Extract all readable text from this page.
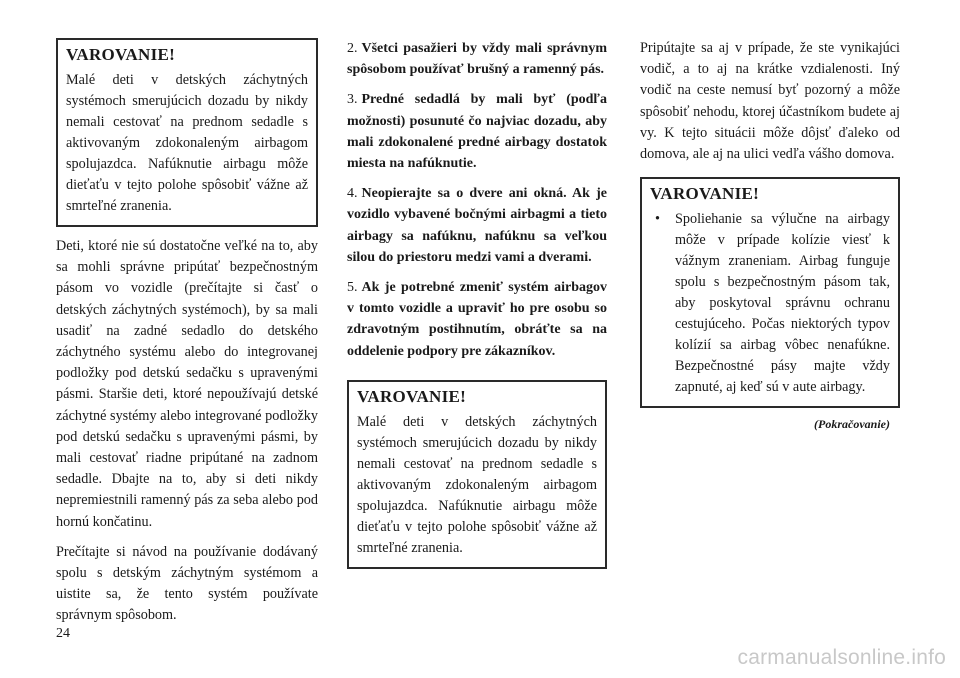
VAROVANIE!
Malé deti v detských záchytných systémoch smerujúcich dozadu by nikdy nemali cestovať na prednom sedadle s aktivovaným zdokonaleným airbagom spolujazdca. Nafúknutie airbagu môže dieťaťu v tejto polohe spôsobiť vážne až smrteľné zranenia.

Deti, ktoré nie sú dostatočne veľké na to, aby sa mohli správne pripútať bezpečnostným pásom vo vozidle (prečítajte si časť o detských záchytných systémoch), by sa mali usadiť na zadné sedadlo do detského záchytného systému alebo do integrovanej podložky pod detskú sedačku s upravenými pásmi. Staršie deti, ktoré nepoužívajú detské záchytné systémy alebo integrované podložky pod detskú sedačku s upravenými pásmi, by mali cestovať riadne pripútané na zadnom sedadle. Dbajte na to, aby si deti nikdy nepremiestnili ramenný pás za seba alebo pod hornú končatinu.

Prečítajte si návod na používanie dodávaný spolu s detským záchytným systémom a uistite sa, že tento systém používate správnym spôsobom.

2. Všetci pasažieri by vždy mali správnym spôsobom používať brušný a ramenný pás.

3. Predné sedadlá by mali byť (podľa možnosti) posunuté čo najviac dozadu, aby mali zdokonalené predné airbagy dostatok miesta na nafúknutie.

4. Neopierajte sa o dvere ani okná. Ak je vozidlo vybavené bočnými airbagmi a tieto airbagy sa nafúknu, nafúknu sa veľkou silou do priestoru medzi vami a dverami.

5. Ak je potrebné zmeniť systém airbagov v tomto vozidle a upraviť ho pre osobu so zdravotným postihnutím, obráťte sa na oddelenie podpory pre zákazníkov.

VAROVANIE!
Malé deti v detských záchytných systémoch smerujúcich dozadu by nikdy nemali cestovať na prednom sedadle s aktivovaným zdokonaleným airbagom spolujazdca. Nafúknutie airbagu môže dieťaťu v tejto polohe spôsobiť vážne až smrteľné zranenia.

Pripútajte sa aj v prípade, že ste vynikajúci vodič, a to aj na krátke vzdialenosti. Iný vodič na ceste nemusí byť pozorný a môže spôsobiť nehodu, ktorej účastníkom budete aj vy. K tejto situácii môže dôjsť ďaleko od domova, ale aj na ulici vedľa vášho domova.

VAROVANIE!
• Spoliehanie sa výlučne na airbagy môže v prípade kolízie viesť k vážnym zraneniam. Airbag funguje spolu s bezpečnostným pásom tak, aby poskytoval správnu ochranu cestujúceho. Počas niektorých typov kolízií sa airbag vôbec nenafúkne. Bezpečnostné pásy majte vždy zapnuté, aj keď sú v aute airbagy.
(Pokračovanie)
24
carmanualsonline.info
